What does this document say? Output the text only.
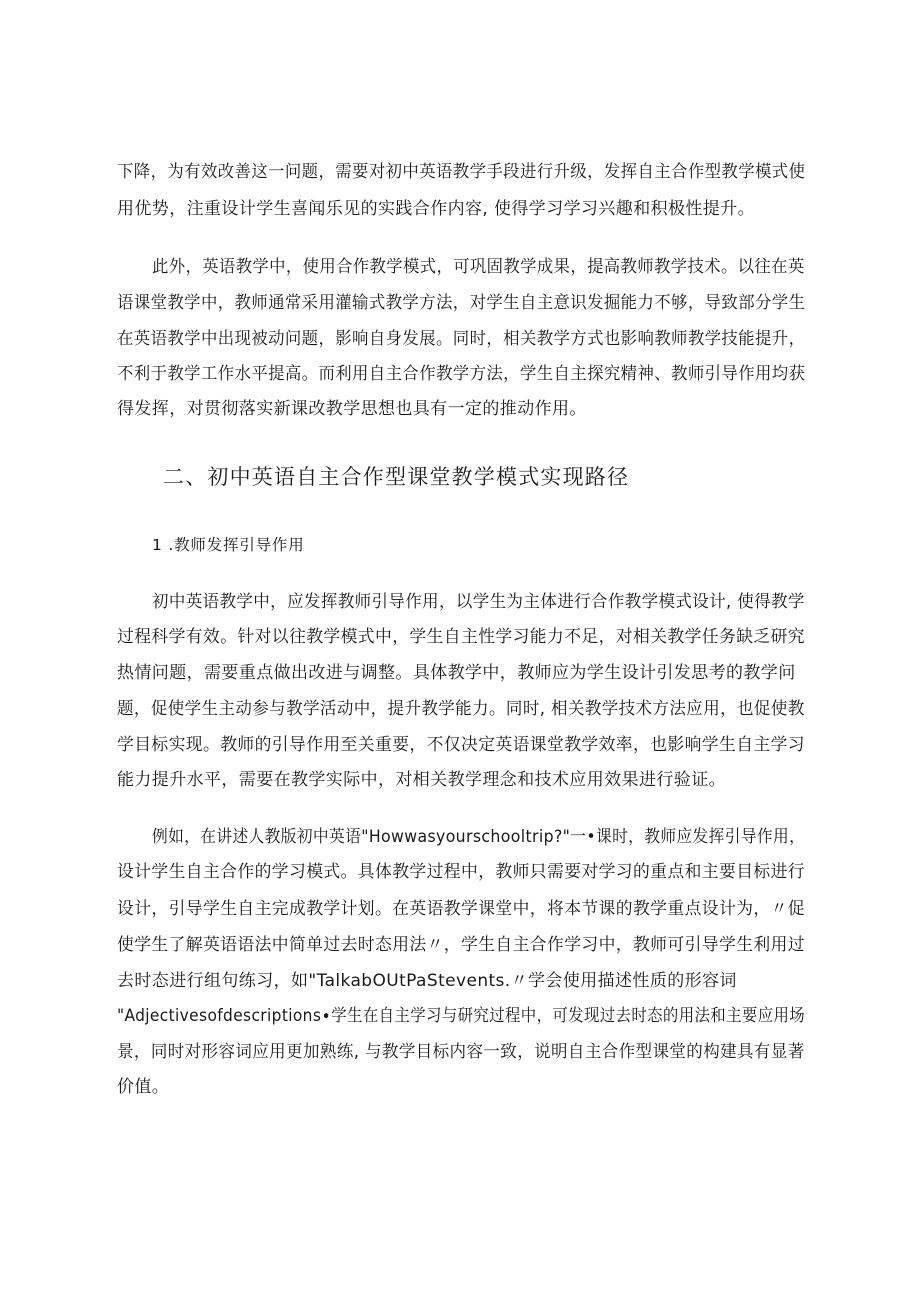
下降，为有效改善这一问题，需要对初中英语教学手段进行升级，发挥自主合作型教学模式使
用优势，注重设计学生喜闻乐见的实践合作内容, 使得学习学习兴趣和积极性提升。
此外，英语教学中，使用合作教学模式，可巩固教学成果，提高教师教学技术。以往在英
语课堂教学中，教师通常采用灌输式教学方法，对学生自主意识发掘能力不够，导致部分学生
在英语教学中出现被动问题，影响自身发展。同时，相关教学方式也影响教师教学技能提升，
不利于教学工作水平提高。而利用自主合作教学方法，学生自主探究精神、教师引导作用均获
得发挥，对贯彻落实新课改教学思想也具有一定的推动作用。
二、初中英语自主合作型课堂教学模式实现路径
1 .教师发挥引导作用
初中英语教学中，应发挥教师引导作用，以学生为主体进行合作教学模式设计, 使得教学
过程科学有效。针对以往教学模式中，学生自主性学习能力不足，对相关教学任务缺乏研究
热情问题，需要重点做出改进与调整。具体教学中，教师应为学生设计引发思考的教学问
题，促使学生主动参与教学活动中，提升教学能力。同时, 相关教学技术方法应用，也促使教
学目标实现。教师的引导作用至关重要，不仅决定英语课堂教学效率，也影响学生自主学习
能力提升水平，需要在教学实际中，对相关教学理念和技术应用效果进行验证。
例如，在讲述人教版初中英语"Howwasyourschooltrip?"一•课时，教师应发挥引导作用，
设计学生自主合作的学习模式。具体教学过程中，教师只需要对学习的重点和主要目标进行
设计，引导学生自主完成教学计划。在英语教学课堂中，将本节课的教学重点设计为，〃促
使学生了解英语语法中简单过去时态用法〃，学生自主合作学习中，教师可引导学生利用过
去时态进行组句练习，如"TalkabOUtPaStevents.〃学会使用描述性质的形容词
"Adjectivesofdescriptions∙学生在自主学习与研究过程中，可发现过去时态的用法和主要应用场
景，同时对形容词应用更加熟练, 与教学目标内容一致，说明自主合作型课堂的构建具有显著
价值。
